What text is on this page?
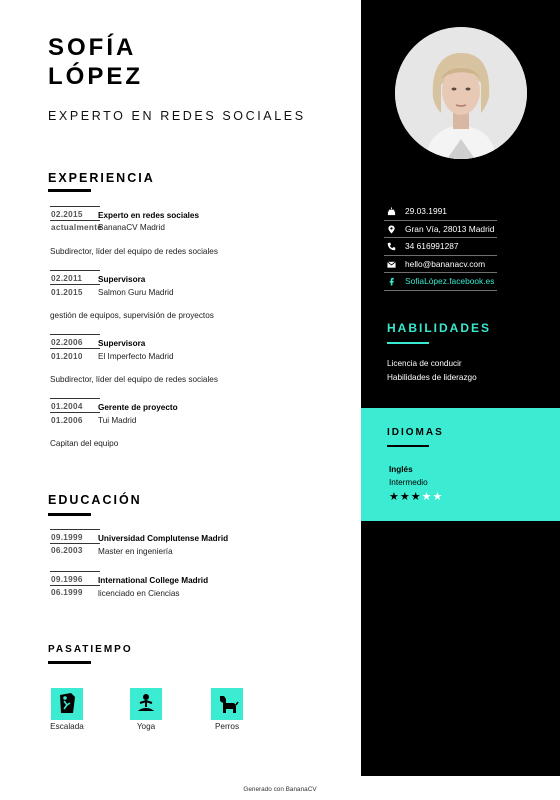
29.03.1991
Gran Vía, 28013 Madrid
34 616991287
hello@bananacv.com
SofiaLópez.facebook.es
HABILIDADES
Licencia de conducir
Habilidades de liderazgo
IDIOMAS
Inglés
Intermedio
★★★★★
SOFÍA
LÓPEZ
EXPERTO EN REDES SOCIALES
EXPERIENCIA
02.2015
actualmente
Experto en redes sociales
BananaCV Madrid
Subdirector, líder del equipo de redes sociales
02.2011
01.2015
Supervisora
Salmon Guru Madrid
gestión de equipos, supervisión de proyectos
02.2006
01.2010
Supervisora
El Imperfecto Madrid
Subdirector, líder del equipo de redes sociales
01.2004
01.2006
Gerente de proyecto
Tui Madrid
Capitan del equipo
EDUCACIÓN
09.1999
06.2003
Universidad Complutense Madrid
Master en ingeniería
09.1996
06.1999
International College Madrid
licenciado en Ciencias
PASATIEMPO
Escalada	Yoga	Perros
Generado con BananaCV
